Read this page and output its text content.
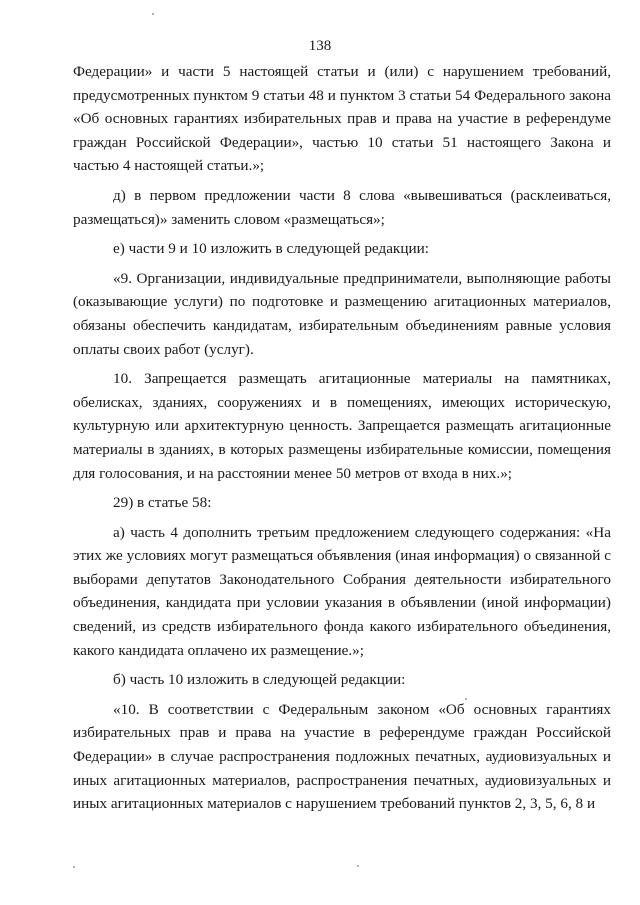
138

Федерации» и части 5 настоящей статьи и (или) с нарушением требований, предусмотренных пунктом 9 статьи 48 и пунктом 3 статьи 54 Федерального закона «Об основных гарантиях избирательных прав и права на участие в референдуме граждан Российской Федерации», частью 10 статьи 51 настоящего Закона и частью 4 настоящей статьи.»;

д) в первом предложении части 8 слова «вывешиваться (расклеиваться, размещаться)» заменить словом «размещаться»;

е) части 9 и 10 изложить в следующей редакции:

«9. Организации, индивидуальные предприниматели, выполняющие работы (оказывающие услуги) по подготовке и размещению агитационных материалов, обязаны обеспечить кандидатам, избирательным объединениям равные условия оплаты своих работ (услуг).

10. Запрещается размещать агитационные материалы на памятниках, обелисках, зданиях, сооружениях и в помещениях, имеющих историческую, культурную или архитектурную ценность. Запрещается размещать агитационные материалы в зданиях, в которых размещены избирательные комиссии, помещения для голосования, и на расстоянии менее 50 метров от входа в них.»;

29) в статье 58:

а) часть 4 дополнить третьим предложением следующего содержания: «На этих же условиях могут размещаться объявления (иная информация) о связанной с выборами депутатов Законодательного Собрания деятельности избирательного объединения, кандидата при условии указания в объявлении (иной информации) сведений, из средств избирательного фонда какого избирательного объединения, какого кандидата оплачено их размещение.»;

б) часть 10 изложить в следующей редакции:

«10. В соответствии с Федеральным законом «Об основных гарантиях избирательных прав и права на участие в референдуме граждан Российской Федерации» в случае распространения подложных печатных, аудиовизуальных и иных агитационных материалов, распространения печатных, аудиовизуальных и иных агитационных материалов с нарушением требований пунктов 2, 3, 5, 6, 8 и
